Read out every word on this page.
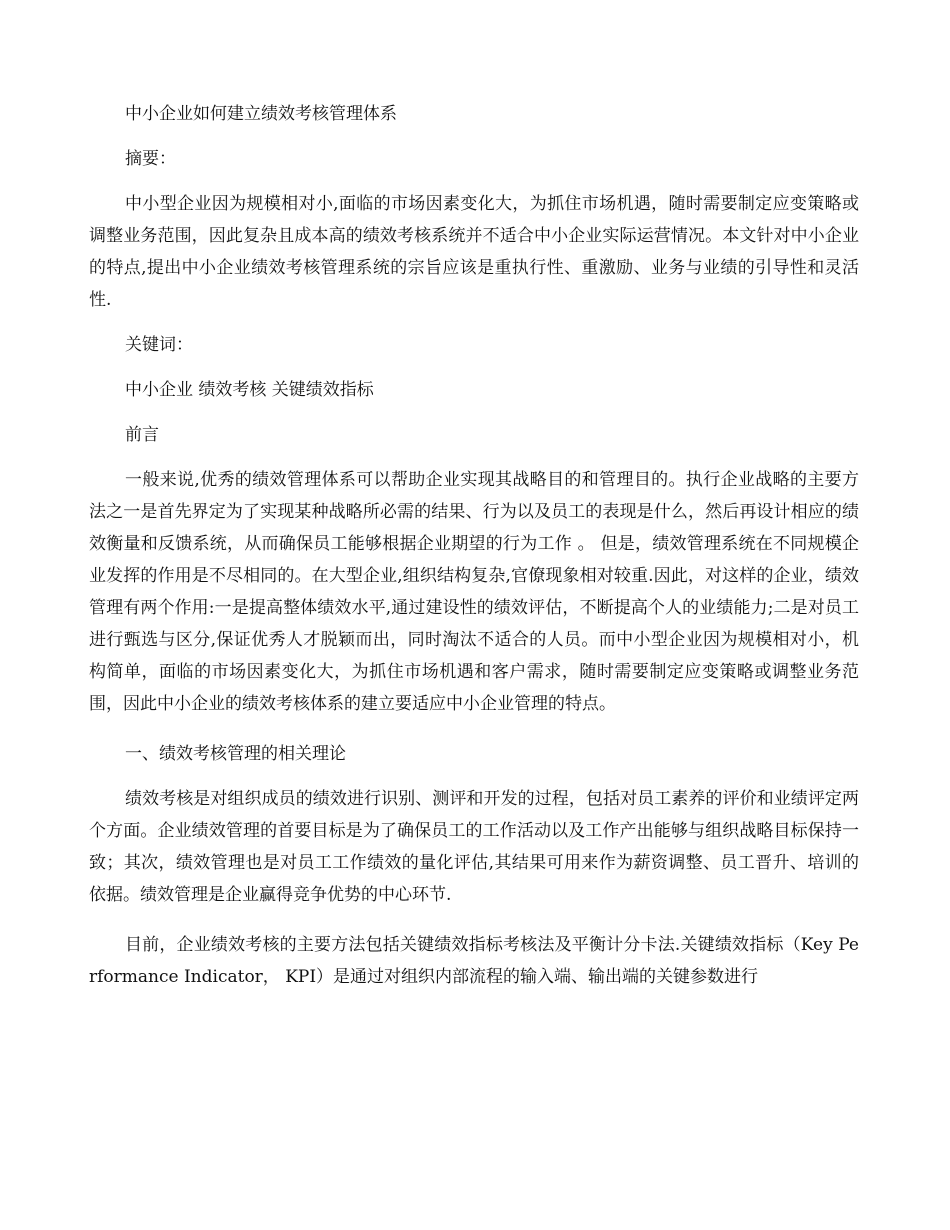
中小企业如何建立绩效考核管理体系

摘要：

中小型企业因为规模相对小,面临的市场因素变化大，为抓住市场机遇，随时需要制定应变策略或调整业务范围，因此复杂且成本高的绩效考核系统并不适合中小企业实际运营情况。本文针对中小企业的特点,提出中小企业绩效考核管理系统的宗旨应该是重执行性、重激励、业务与业绩的引导性和灵活性.

关键词：

中小企业 绩效考核 关键绩效指标

前言

一般来说,优秀的绩效管理体系可以帮助企业实现其战略目的和管理目的。执行企业战略的主要方法之一是首先界定为了实现某种战略所必需的结果、行为以及员工的表现是什么，然后再设计相应的绩效衡量和反馈系统，从而确保员工能够根据企业期望的行为工作 。 但是，绩效管理系统在不同规模企业发挥的作用是不尽相同的。在大型企业,组织结构复杂,官僚现象相对较重.因此，对这样的企业，绩效管理有两个作用:一是提高整体绩效水平,通过建设性的绩效评估，不断提高个人的业绩能力;二是对员工进行甄选与区分,保证优秀人才脱颖而出，同时淘汰不适合的人员。而中小型企业因为规模相对小，机构简单，面临的市场因素变化大，为抓住市场机遇和客户需求，随时需要制定应变策略或调整业务范围，因此中小企业的绩效考核体系的建立要适应中小企业管理的特点。

一、绩效考核管理的相关理论

绩效考核是对组织成员的绩效进行识别、测评和开发的过程，包括对员工素养的评价和业绩评定两个方面。企业绩效管理的首要目标是为了确保员工的工作活动以及工作产出能够与组织战略目标保持一致；其次，绩效管理也是对员工工作绩效的量化评估,其结果可用来作为薪资调整、员工晋升、培训的依据。绩效管理是企业赢得竞争优势的中心环节.

目前，企业绩效考核的主要方法包括关键绩效指标考核法及平衡计分卡法.关键绩效指标（Key Performance Indicator， KPI）是通过对组织内部流程的输入端、输出端的关键参数进行
